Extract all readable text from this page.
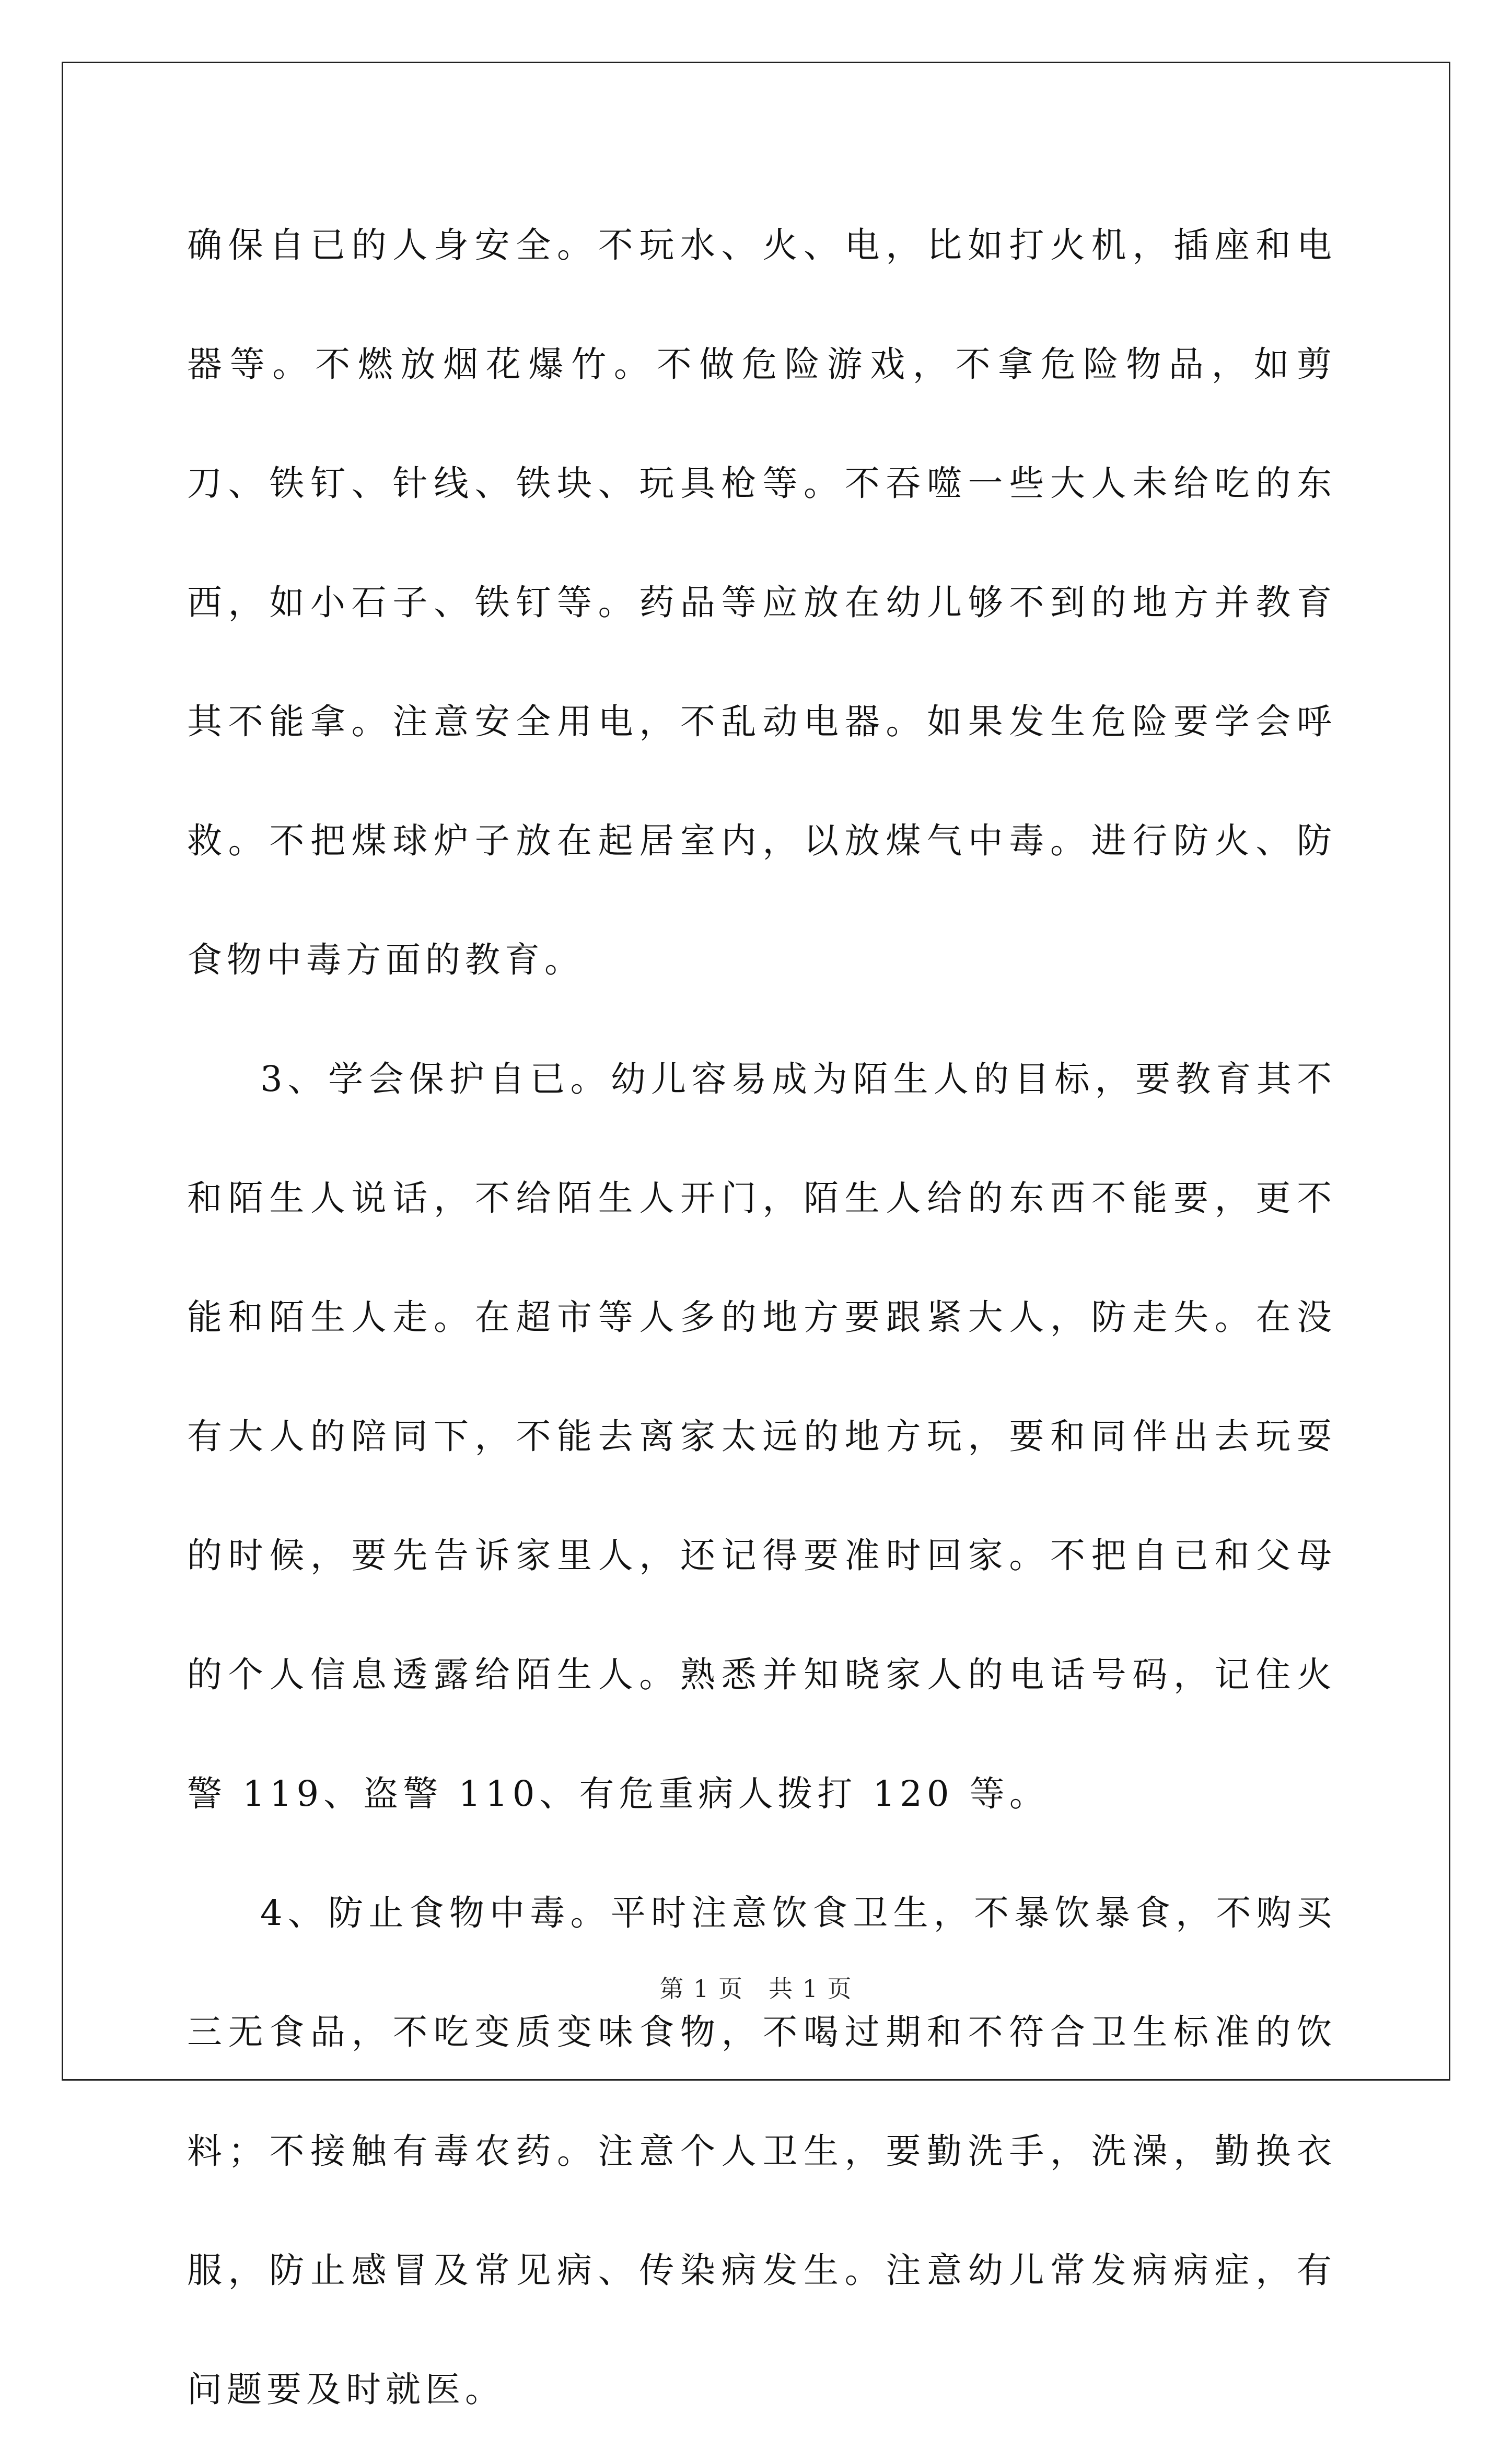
确保自已的人身安全。不玩水、火、电，比如打火机，插座和电器等。不燃放烟花爆竹。不做危险游戏，不拿危险物品，如剪刀、铁钉、针线、铁块、玩具枪等。不吞噬一些大人未给吃的东西，如小石子、铁钉等。药品等应放在幼儿够不到的地方并教育其不能拿。注意安全用电，不乱动电器。如果发生危险要学会呼救。不把煤球炉子放在起居室内，以放煤气中毒。进行防火、防食物中毒方面的教育。

3、学会保护自已。幼儿容易成为陌生人的目标，要教育其不和陌生人说话，不给陌生人开门，陌生人给的东西不能要，更不能和陌生人走。在超市等人多的地方要跟紧大人，防走失。在没有大人的陪同下，不能去离家太远的地方玩，要和同伴出去玩耍的时候，要先告诉家里人，还记得要准时回家。不把自已和父母的个人信息透露给陌生人。熟悉并知晓家人的电话号码，记住火警 119、盗警 110、有危重病人拨打 120 等。

4、防止食物中毒。平时注意饮食卫生，不暴饮暴食，不购买三无食品，不吃变质变味食物，不喝过期和不符合卫生标准的饮料；不接触有毒农药。注意个人卫生，要勤洗手，洗澡，勤换衣服，防止感冒及常见病、传染病发生。注意幼儿常发病病症，有问题要及时就医。

第 1 页　共 1 页
